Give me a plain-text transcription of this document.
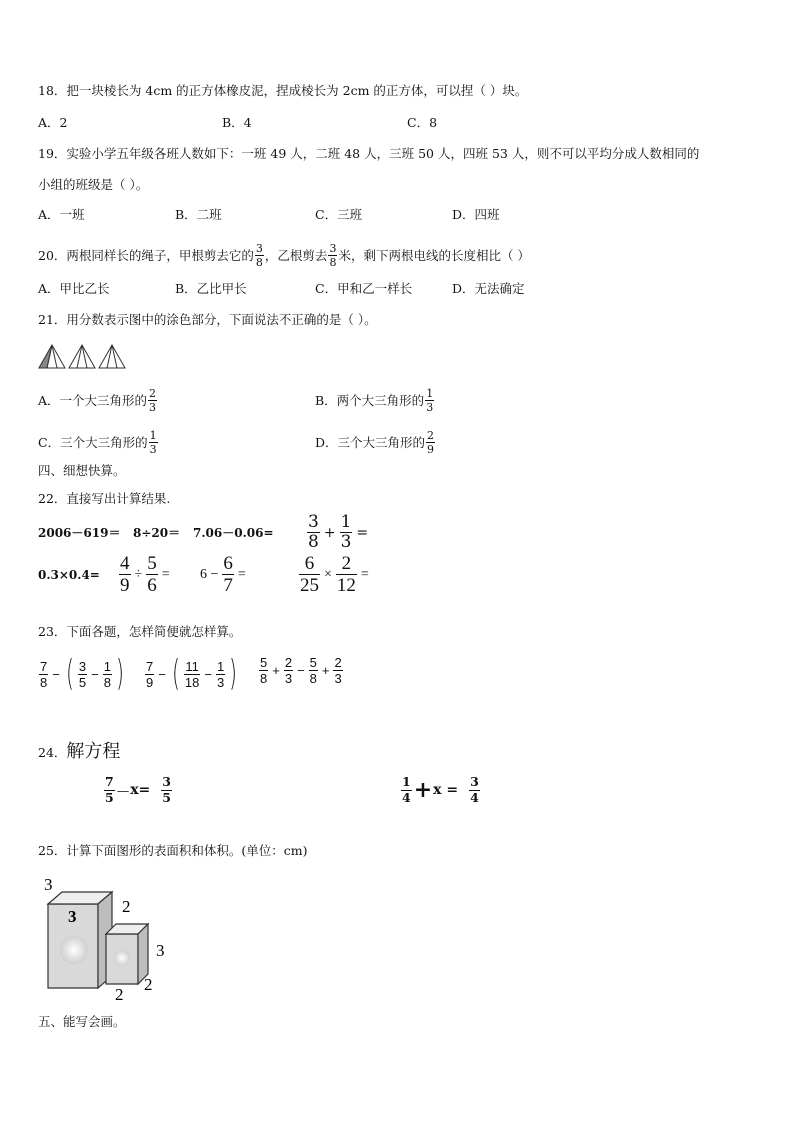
18．把一块棱长为 4cm 的正方体橡皮泥，捏成棱长为 2cm 的正方体，可以捏（ ）块。
A．2	B．4	C．8
19．实验小学五年级各班人数如下：一班 49 人，二班 48 人，三班 50 人，四班 53 人，则不可以平均分成人数相同的
小组的班级是（ ）。
A．一班	B．二班	C．三班	D．四班
20．两根同样长的绳子，甲根剪去它的 $\frac{3}{8}$ ，乙根剪去 $\frac{3}{8}$ 米，剩下两根电线的长度相比（ ）
A．甲比乙长	B．乙比甲长	C．甲和乙一样长	D．无法确定
21．用分数表示图中的涂色部分，下面说法不正确的是（ ）。
A．一个大三角形的 $\frac{2}{3}$	B．两个大三角形的 $\frac{1}{3}$
C．三个大三角形的 $\frac{1}{3}$	D．三个大三角形的 $\frac{2}{9}$
四、细想快算。
22．直接写出计算结果.
$2006-619= 8\div 20= 7.06-0.06= \frac{3}{8} + \frac{1}{3}$ =
$0.3\times 0.4= \frac{4}{9} \div \frac{5}{6} = 6 - \frac{6}{7}$ =	$\frac{6}{25} \times \frac{2}{12}$ =
23．下面各题，怎样简便就怎样算。
$\frac{7}{8}$ − ( $\frac{3}{5} - \frac{1}{8}$ ) $\frac{7}{9}$ − ( $\frac{11}{18} - \frac{1}{3}$ ) $\frac{5}{8} + \frac{2}{3} - \frac{5}{8} + \frac{2}{3}$
24． 解方程
$\frac{7}{5}$ — $x= \frac{3}{5}$	$\frac{1}{4} + x = \frac{3}{4}$
25．计算下面图形的表面积和体积。(单位：cm)
3
3
2
3
2
2
五、能写会画。
